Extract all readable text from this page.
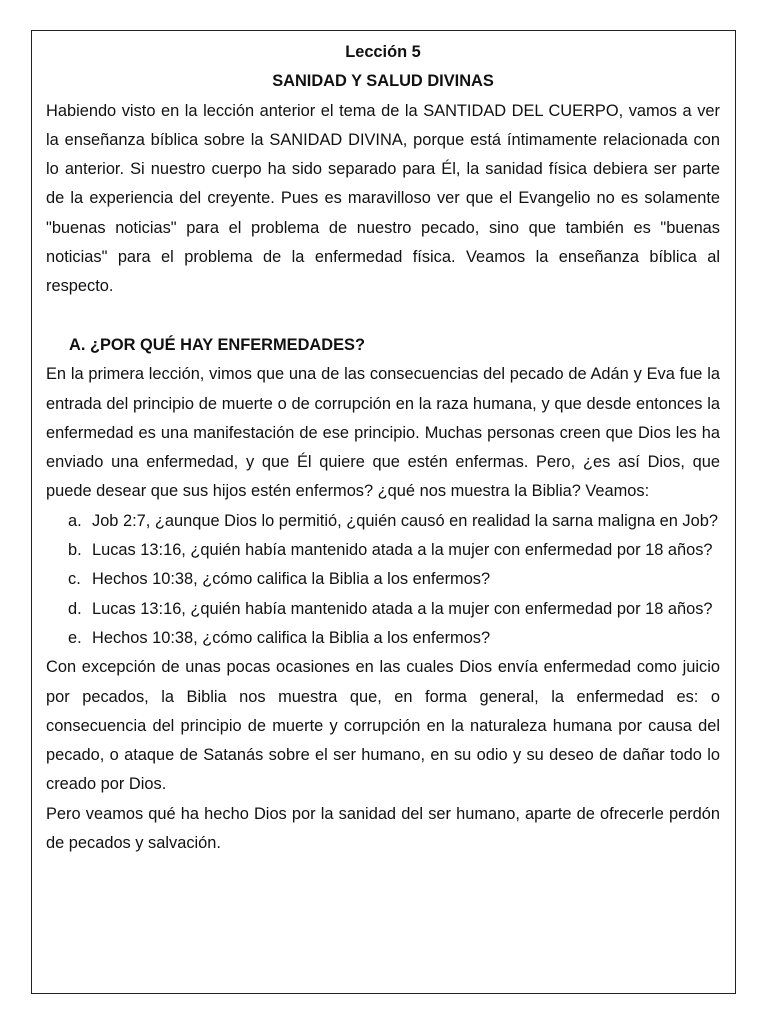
Lección 5
SANIDAD Y SALUD DIVINAS

Habiendo visto en la lección anterior el tema de la SANTIDAD DEL CUERPO, vamos a ver la enseñanza bíblica sobre la SANIDAD DIVINA, porque está íntimamente relacionada con lo anterior. Si nuestro cuerpo ha sido separado para Él, la sanidad física debiera ser parte de la experiencia del creyente. Pues es maravilloso ver que el Evangelio no es solamente "buenas noticias" para el problema de nuestro pecado, sino que también es "buenas noticias" para el problema de la enfermedad física. Veamos la enseñanza bíblica al respecto.

A. ¿POR QUÉ HAY ENFERMEDADES?

En la primera lección, vimos que una de las consecuencias del pecado de Adán y Eva fue la entrada del principio de muerte o de corrupción en la raza humana, y que desde entonces la enfermedad es una manifestación de ese principio. Muchas personas creen que Dios les ha enviado una enfermedad, y que Él quiere que estén enfermas. Pero, ¿es así Dios, que puede desear que sus hijos estén enfermos? ¿qué nos muestra la Biblia? Veamos:

a. Job 2:7, ¿aunque Dios lo permitió, ¿quién causó en realidad la sarna maligna en Job?
b. Lucas 13:16, ¿quién había mantenido atada a la mujer con enfermedad por 18 años?
c. Hechos 10:38, ¿cómo califica la Biblia a los enfermos?
d. Lucas 13:16, ¿quién había mantenido atada a la mujer con enfermedad por 18 años?
e. Hechos 10:38, ¿cómo califica la Biblia a los enfermos?

Con excepción de unas pocas ocasiones en las cuales Dios envía enfermedad como juicio por pecados, la Biblia nos muestra que, en forma general, la enfermedad es: o consecuencia del principio de muerte y corrupción en la naturaleza humana por causa del pecado, o ataque de Satanás sobre el ser humano, en su odio y su deseo de dañar todo lo creado por Dios.

Pero veamos qué ha hecho Dios por la sanidad del ser humano, aparte de ofrecerle perdón de pecados y salvación.
